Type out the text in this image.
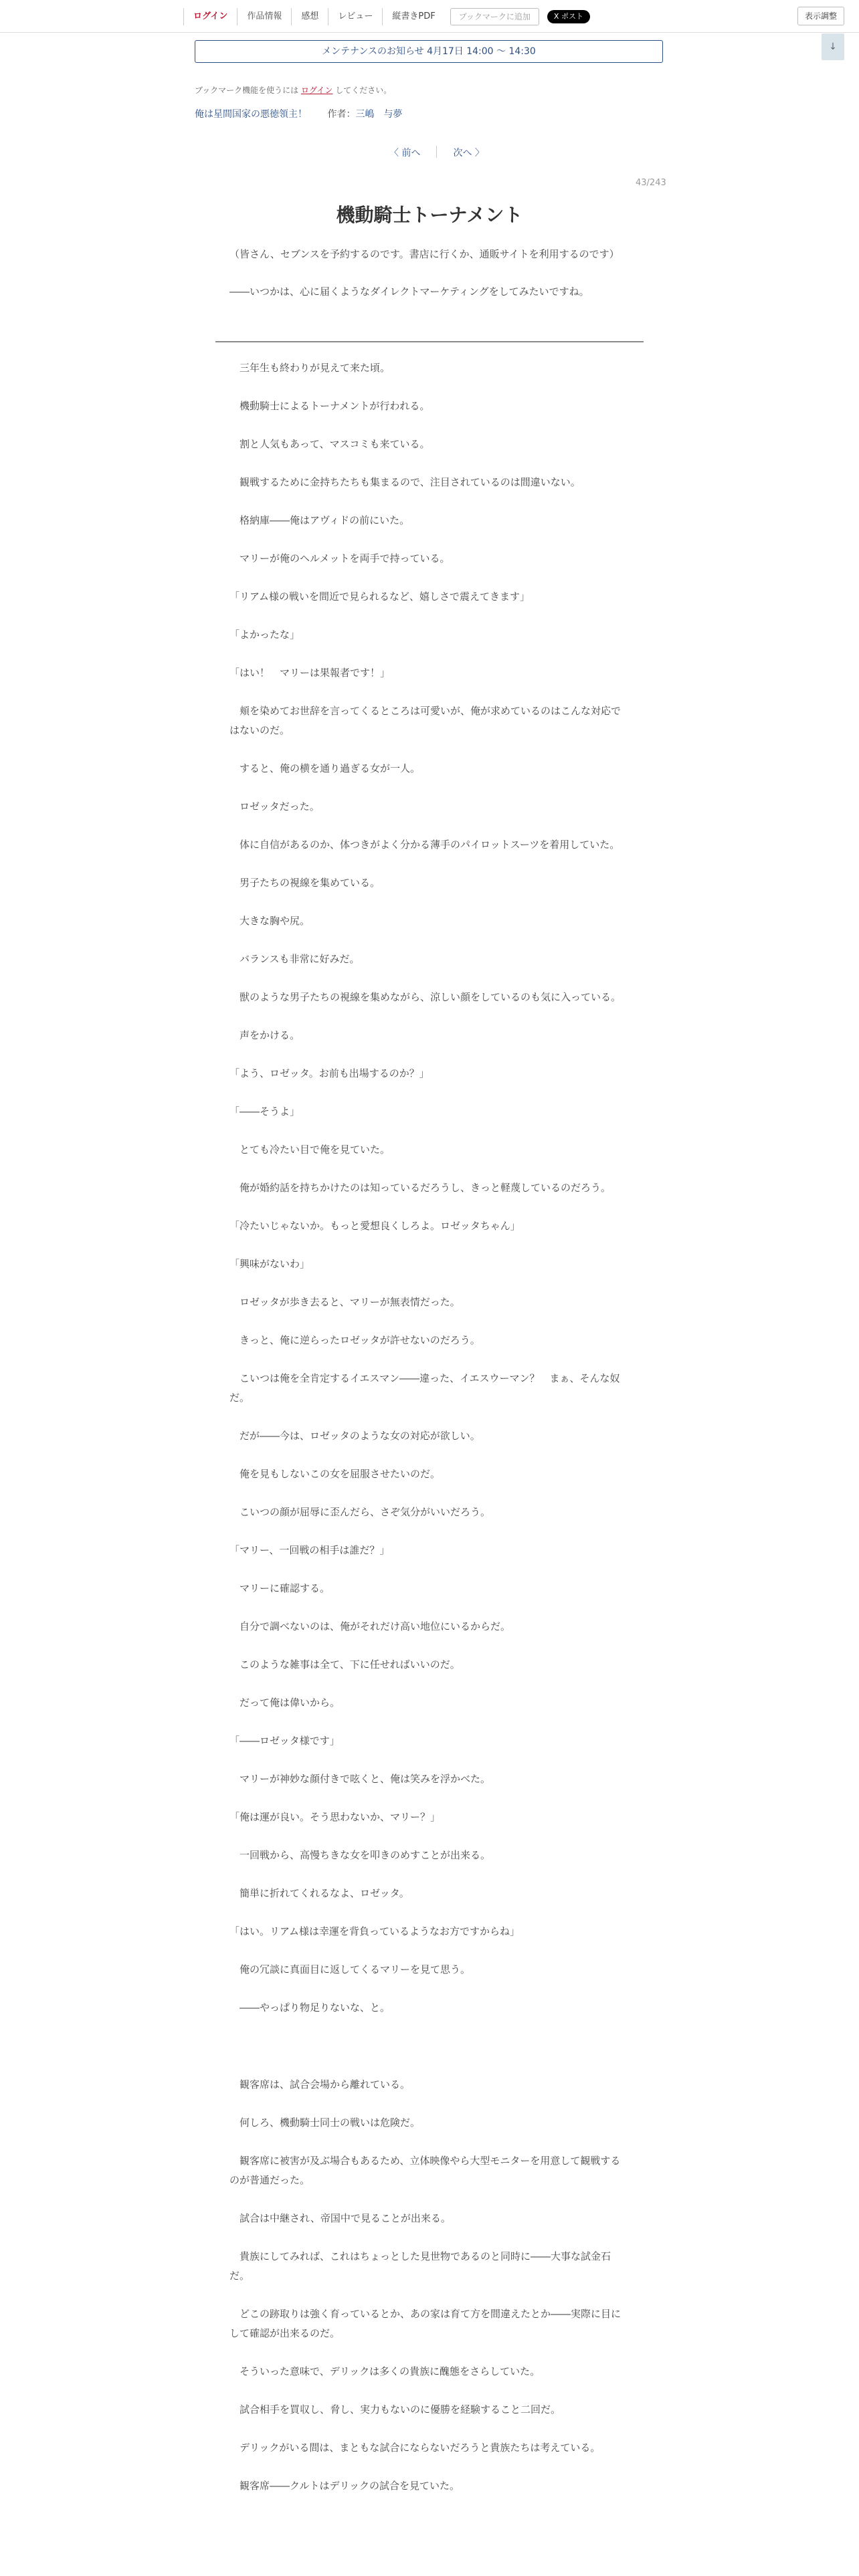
ログイン	作品情報	感想	レビュー	縦書きPDF	ブックマークに追加	X ポスト	表示調整
↓
メンテナンスのお知らせ 4月17日 14:00 〜 14:30
ブックマーク機能を使うには ログイン してください。
俺は星間国家の悪徳領主！ 作者：三嶋　与夢
〈 前へ	次へ 〉
43/243
機動騎士トーナメント

（皆さん、セブンスを予約するのです。書店に行くか、通販サイトを利用するのです）

――いつかは、心に届くようなダイレクトマーケティングをしてみたいですね。

　三年生も終わりが見えて来た頃。

　機動騎士によるトーナメントが行われる。

　割と人気もあって、マスコミも来ている。

　観戦するために金持ちたちも集まるので、注目されているのは間違いない。

　格納庫――俺はアヴィドの前にいた。

　マリーが俺のヘルメットを両手で持っている。

「リアム様の戦いを間近で見られるなど、嬉しさで震えてきます」

「よかったな」

「はい！　マリーは果報者です！」

　頬を染めてお世辞を言ってくるところは可愛いが、俺が求めているのはこんな対応ではないのだ。

　すると、俺の横を通り過ぎる女が一人。

　ロゼッタだった。

　体に自信があるのか、体つきがよく分かる薄手のパイロットスーツを着用していた。

　男子たちの視線を集めている。

　大きな胸や尻。

　バランスも非常に好みだ。

　獣のような男子たちの視線を集めながら、涼しい顔をしているのも気に入っている。

　声をかける。

「よう、ロゼッタ。お前も出場するのか？」

「――そうよ」

　とても冷たい目で俺を見ていた。

　俺が婚約話を持ちかけたのは知っているだろうし、きっと軽蔑しているのだろう。

「冷たいじゃないか。もっと愛想良くしろよ。ロゼッタちゃん」

「興味がないわ」

　ロゼッタが歩き去ると、マリーが無表情だった。

　きっと、俺に逆らったロゼッタが許せないのだろう。

　こいつは俺を全肯定するイエスマン――違った、イエスウーマン？　まぁ、そんな奴だ。

　だが――今は、ロゼッタのような女の対応が欲しい。

　俺を見もしないこの女を屈服させたいのだ。

　こいつの顔が屈辱に歪んだら、さぞ気分がいいだろう。

「マリー、一回戦の相手は誰だ？」

　マリーに確認する。

　自分で調べないのは、俺がそれだけ高い地位にいるからだ。

　このような雑事は全て、下に任せればいいのだ。

　だって俺は偉いから。

「――ロゼッタ様です」

　マリーが神妙な顔付きで呟くと、俺は笑みを浮かべた。

「俺は運が良い。そう思わないか、マリー？」

　一回戦から、高慢ちきな女を叩きのめすことが出来る。

　簡単に折れてくれるなよ、ロゼッタ。

「はい。リアム様は幸運を背負っているようなお方ですからね」

　俺の冗談に真面目に返してくるマリーを見て思う。

　――やっぱり物足りないな、と。

　観客席は、試合会場から離れている。

　何しろ、機動騎士同士の戦いは危険だ。

　観客席に被害が及ぶ場合もあるため、立体映像やら大型モニターを用意して観戦するのが普通だった。

　試合は中継され、帝国中で見ることが出来る。

　貴族にしてみれば、これはちょっとした見世物であるのと同時に――大事な試金石だ。

　どこの跡取りは強く育っているとか、あの家は育て方を間違えたとか――実際に目にして確認が出来るのだ。

　そういった意味で、デリックは多くの貴族に醜態をさらしていた。

　試合相手を買収し、脅し、実力もないのに優勝を経験すること二回だ。

　デリックがいる間は、まともな試合にならないだろうと貴族たちは考えている。

　観客席――クルトはデリックの試合を見ていた。
